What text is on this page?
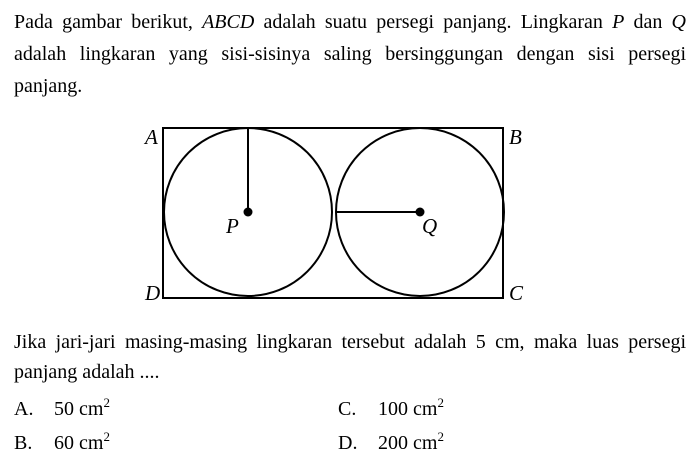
Pada gambar berikut, ABCD adalah suatu persegi panjang. Lingkaran P dan Q adalah lingkaran yang sisi-sisinya saling bersinggungan dengan sisi persegi panjang.

A	B
C
D
P	Q

Jika jari-jari masing-masing lingkaran tersebut adalah 5 cm, maka luas persegi panjang adalah ....

A. 50 $cm^2$
B. 60 $cm^2$
C. 100 $cm^2$
D. 200 $cm^2$
